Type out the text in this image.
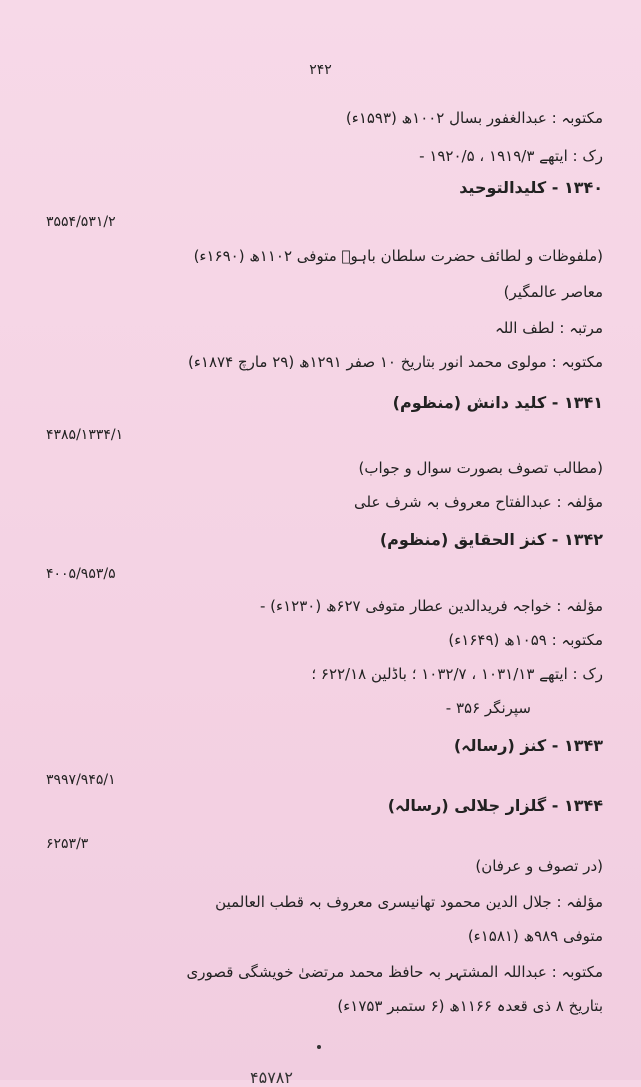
۲۴۲
مکتوبہ : عبدالغفور بسال ۱۰۰۲ھ (۱۵۹۳ء)
رک : ایتھے ۱۹۱۹/۳ ، ۱۹۲۰/۵ -
۱۳۴۰ - کلیدالتوحید
۳۵۵۴/۵۳۱/۲
(ملفوظات و لطائف حضرت سلطان باہوؒ متوفی ۱۱۰۲ھ (۱۶۹۰ء)
معاصر عالمگیر)
مرتبہ : لطف اللہ
مکتوبہ : مولوی محمد انور بتاریخ ۱۰ صفر ۱۲۹۱ھ (۲۹ مارچ ۱۸۷۴ء)
۱۳۴۱ - کلید دانش (منظوم)
۴۳۸۵/۱۳۳۴/۱
(مطالب تصوف بصورت سوال و جواب)
مؤلفہ : عبدالفتاح معروف بہ شرف علی
۱۳۴۲ - کنز الحقایق (منظوم)
۴۰۰۵/۹۵۳/۵
مؤلفہ : خواجہ فریدالدین عطار متوفی ۶۲۷ھ (۱۲۳۰ء) -
مکتوبہ : ۱۰۵۹ھ (۱۶۴۹ء)
رک : ایتھے ۱۰۳۱/۱۳ ، ۱۰۳۲/۷ ؛ باڈلین ۶۲۲/۱۸ ؛
سپرنگر ۳۵۶ -
۱۳۴۳ - کنز (رسالہ)
۳۹۹۷/۹۴۵/۱
۱۳۴۴ - گلزار جلالی (رسالہ)
۶۲۵۳/۳
(در تصوف و عرفان)
مؤلفہ : جلال الدین محمود تھانیسری معروف بہ قطب العالمین
متوفی ۹۸۹ھ (۱۵۸۱ء)
مکتوبہ : عبداللہ المشتہر بہ حافظ محمد مرتضیٰ خویشگی قصوری
بتاریخ ۸ ذی قعدہ ۱۱۶۶ھ (۶ ستمبر ۱۷۵۳ء)
۴۵۷۸۲
